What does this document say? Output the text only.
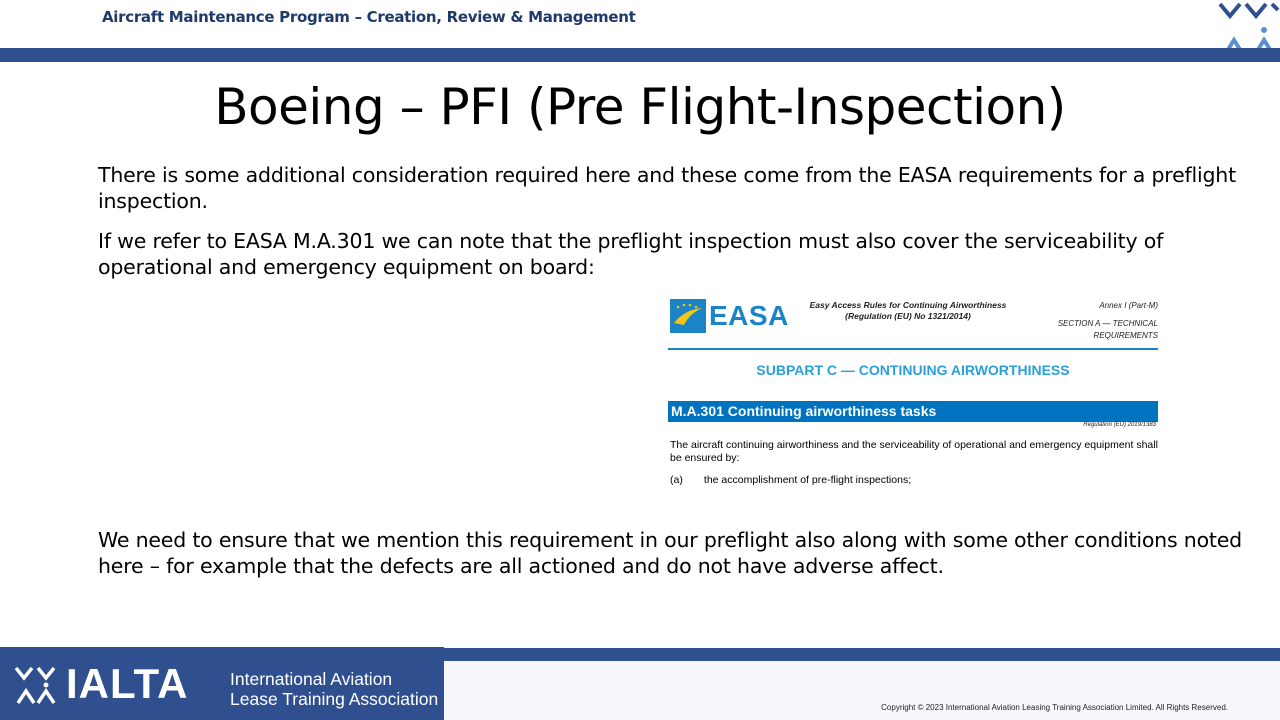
Aircraft Maintenance Program – Creation, Review & Management
Boeing – PFI (Pre Flight-Inspection)
There is some additional consideration required here and these come from the EASA requirements for a preflight inspection.
If we refer to EASA M.A.301 we can note that the preflight inspection must also cover the serviceability of operational and emergency equipment on board:
EASA Easy Access Rules for Continuing Airworthiness
(Regulation (EU) No 1321/2014)
Annex I (Part-M)
SECTION A — TECHNICAL
REQUIREMENTS
SUBPART C — CONTINUING AIRWORTHINESS
M.A.301 Continuing airworthiness tasks
Regulation (EU) 2019/1383
The aircraft continuing airworthiness and the serviceability of operational and emergency equipment shall be ensured by:
(a) the accomplishment of pre-flight inspections;
We need to ensure that we mention this requirement in our preflight also along with some other conditions noted here – for example that the defects are all actioned and do not have adverse affect.
IALTA International Aviation
Lease Training Association	Copyright © 2023 International Aviation Leasing Training Association Limited. All Rights Reserved.
